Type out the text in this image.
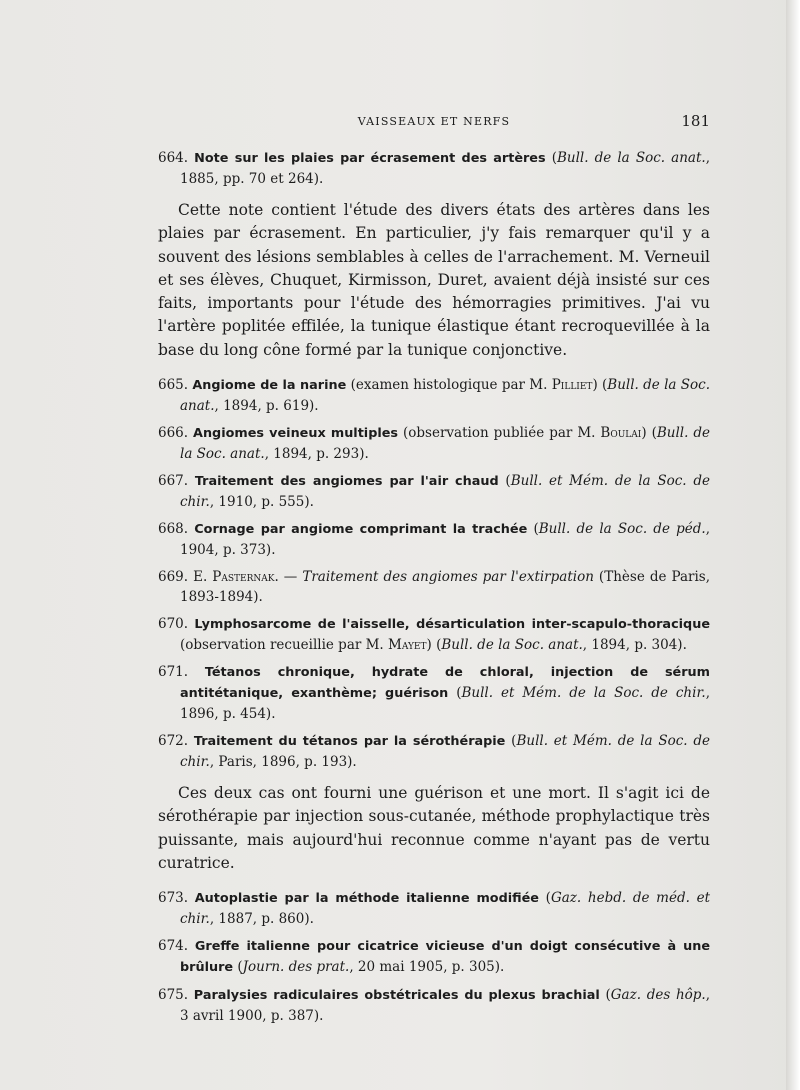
VAISSEAUX ET NERFS	181
664. Note sur les plaies par écrasement des artères (Bull. de la Soc. anat., 1885, pp. 70 et 264).

Cette note contient l'étude des divers états des artères dans les plaies par écrasement. En particulier, j'y fais remarquer qu'il y a souvent des lésions semblables à celles de l'arrachement. M. Verneuil et ses élèves, Chuquet, Kirmisson, Duret, avaient déjà insisté sur ces faits, importants pour l'étude des hémorragies primitives. J'ai vu l'artère poplitée effilée, la tunique élastique étant recroquevillée à la base du long cône formé par la tunique conjonctive.

665. Angiome de la narine (examen histologique par M. Pilliet) (Bull. de la Soc. anat., 1894, p. 619).
666. Angiomes veineux multiples (observation publiée par M. Boulai) (Bull. de la Soc. anat., 1894, p. 293).
667. Traitement des angiomes par l'air chaud (Bull. et Mém. de la Soc. de chir., 1910, p. 555).
668. Cornage par angiome comprimant la trachée (Bull. de la Soc. de péd., 1904, p. 373).
669. E. Pasternak. — Traitement des angiomes par l'extirpation (Thèse de Paris, 1893-1894).
670. Lymphosarcome de l'aisselle, désarticulation inter-scapulo-thoracique (observation recueillie par M. Mayet) (Bull. de la Soc. anat., 1894, p. 304).
671. Tétanos chronique, hydrate de chloral, injection de sérum antitétanique, exanthème; guérison (Bull. et Mém. de la Soc. de chir., 1896, p. 454).
672. Traitement du tétanos par la sérothérapie (Bull. et Mém. de la Soc. de chir., Paris, 1896, p. 193).

Ces deux cas ont fourni une guérison et une mort. Il s'agit ici de sérothérapie par injection sous-cutanée, méthode prophylactique très puissante, mais aujourd'hui reconnue comme n'ayant pas de vertu curatrice.

673. Autoplastie par la méthode italienne modifiée (Gaz. hebd. de méd. et chir., 1887, p. 860).
674. Greffe italienne pour cicatrice vicieuse d'un doigt consécutive à une brûlure (Journ. des prat., 20 mai 1905, p. 305).
675. Paralysies radiculaires obstétricales du plexus brachial (Gaz. des hôp., 3 avril 1900, p. 387).
